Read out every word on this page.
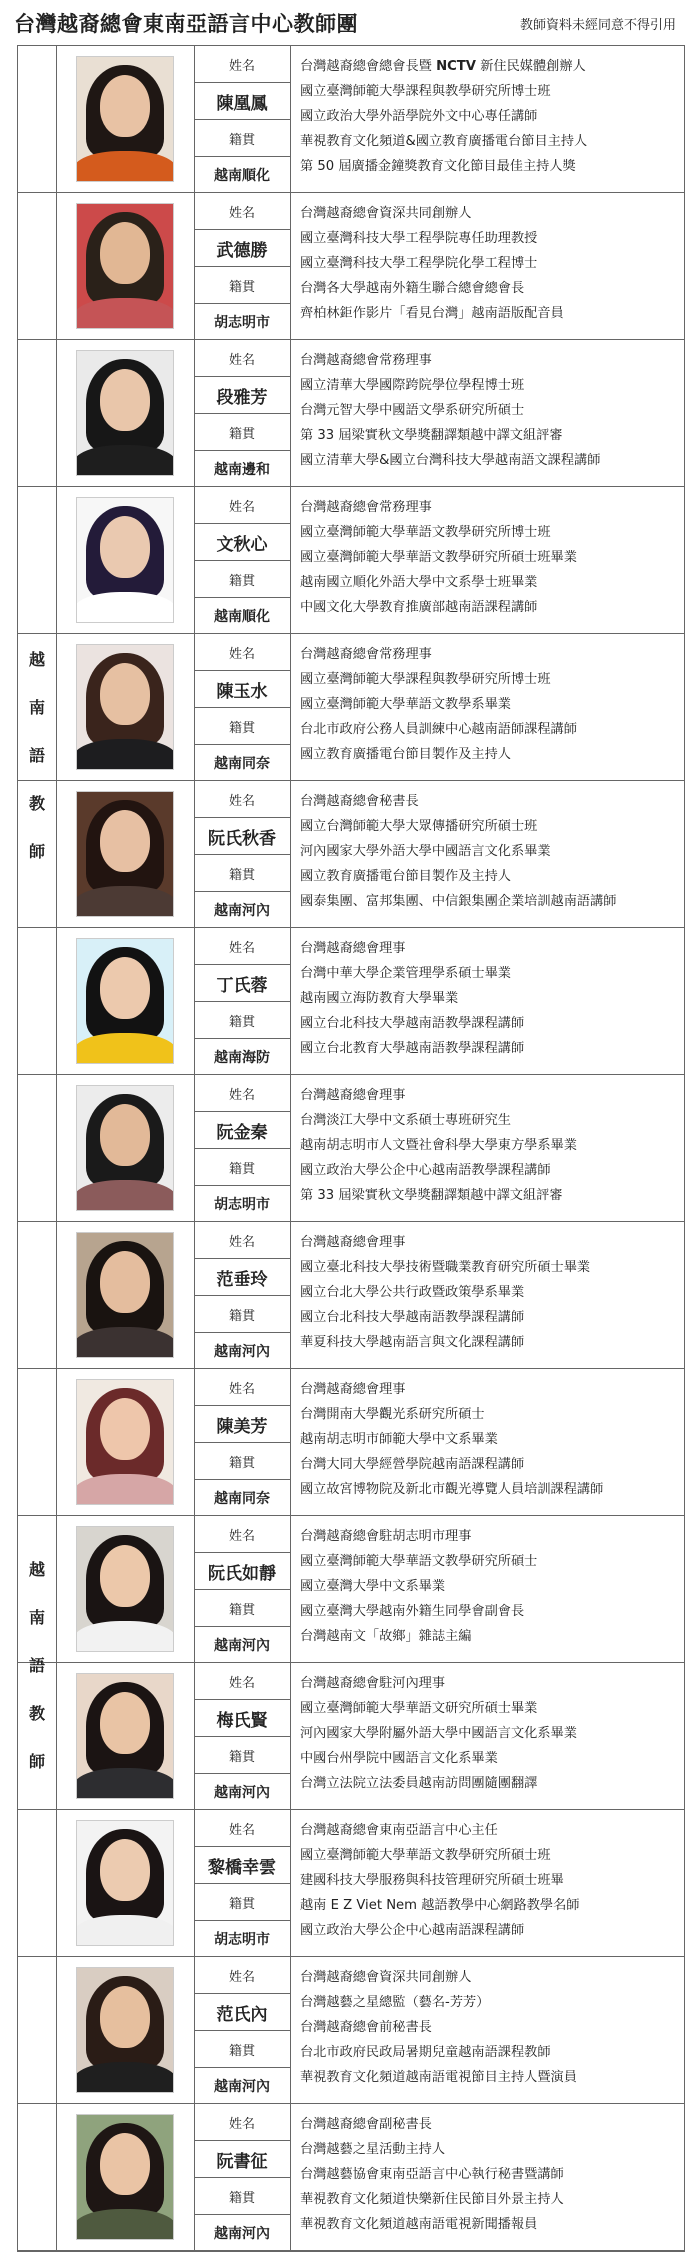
台灣越裔總會東南亞語言中心教師團	教師資料未經同意不得引用
姓名
陳凰鳳
籍貫
越南順化

台灣越裔總會總會長暨 NCTV 新住民媒體創辦人

國立臺灣師範大學課程與教學研究所博士班

國立政治大學外語學院外文中心專任講師

華視教育文化頻道&國立教育廣播電台節目主持人

第 50 屆廣播金鐘獎教育文化節目最佳主持人獎

姓名
武德勝
籍貫
胡志明市

台灣越裔總會資深共同創辦人

國立臺灣科技大學工程學院專任助理教授

國立臺灣科技大學工程學院化學工程博士

台灣各大學越南外籍生聯合總會總會長

齊柏林鉅作影片「看見台灣」越南語版配音員

姓名
段雅芳
籍貫
越南邊和

台灣越裔總會常務理事

國立清華大學國際跨院學位學程博士班

台灣元智大學中國語文學系研究所碩士

第 33 屆梁實秋文學獎翻譯類越中譯文組評審

國立清華大學&國立台灣科技大學越南語文課程講師

姓名
文秋心
籍貫
越南順化

台灣越裔總會常務理事

國立臺灣師範大學華語文教學研究所博士班

國立臺灣師範大學華語文教學研究所碩士班畢業

越南國立順化外語大學中文系學士班畢業

中國文化大學教育推廣部越南語課程講師

姓名
陳玉水
籍貫
越南同奈

台灣越裔總會常務理事

國立臺灣師範大學課程與教學研究所博士班

國立臺灣師範大學華語文教學系畢業

台北市政府公務人員訓練中心越南語師課程講師

國立教育廣播電台節目製作及主持人

姓名
阮氏秋香
籍貫
越南河內

台灣越裔總會秘書長

國立台灣師範大學大眾傳播研究所碩士班

河內國家大學外語大學中國語言文化系畢業

國立教育廣播電台節目製作及主持人

國泰集團、富邦集團、中信銀集團企業培訓越南語講師

姓名
丁氏蓉
籍貫
越南海防

台灣越裔總會理事

台灣中華大學企業管理學系碩士畢業

越南國立海防教育大學畢業

國立台北科技大學越南語教學課程講師

國立台北教育大學越南語教學課程講師

姓名
阮金秦
籍貫
胡志明市

台灣越裔總會理事

台灣淡江大學中文系碩士專班研究生

越南胡志明市人文暨社會科學大學東方學系畢業

國立政治大學公企中心越南語教學課程講師

第 33 屆梁實秋文學獎翻譯類越中譯文組評審

姓名
范垂玲
籍貫
越南河內

台灣越裔總會理事

國立臺北科技大學技術暨職業教育研究所碩士畢業

國立台北大學公共行政暨政策學系畢業

國立台北科技大學越南語教學課程講師

華夏科技大學越南語言與文化課程講師

姓名
陳美芳
籍貫
越南同奈

台灣越裔總會理事

台灣開南大學觀光系研究所碩士

越南胡志明市師範大學中文系畢業

台灣大同大學經營學院越南語課程講師

國立故宮博物院及新北市觀光導覽人員培訓課程講師

姓名
阮氏如靜
籍貫
越南河內

台灣越裔總會駐胡志明市理事

國立臺灣師範大學華語文教學研究所碩士

國立臺灣大學中文系畢業

國立臺灣大學越南外籍生同學會副會長

台灣越南文「故鄉」雜誌主編

姓名
梅氏賢
籍貫
越南河內

台灣越裔總會駐河內理事

國立臺灣師範大學華語文研究所碩士畢業

河內國家大學附屬外語大學中國語言文化系畢業

中國台州學院中國語言文化系畢業

台灣立法院立法委員越南訪問團隨團翻譯

姓名
黎橋幸雲
籍貫
胡志明市

台灣越裔總會東南亞語言中心主任

國立臺灣師範大學華語文教學研究所碩士班

建國科技大學服務與科技管理研究所碩士班畢

越南 E Z Viet Nem 越語教學中心網路教學名師

國立政治大學公企中心越南語課程講師

姓名
范氏內
籍貫
越南河內

台灣越裔總會資深共同創辦人

台灣越藝之星總監（藝名-芳芳）

台灣越裔總會前秘書長

台北市政府民政局暑期兒童越南語課程教師

華視教育文化頻道越南語電視節目主持人暨演員

姓名
阮書征
籍貫
越南河內

台灣越裔總會副秘書長

台灣越藝之星活動主持人

台灣越藝協會東南亞語言中心執行秘書暨講師

華視教育文化頻道快樂新住民節目外景主持人

華視教育文化頻道越南語電視新聞播報員

越
南
語
教
師
越
南
語
教
師
